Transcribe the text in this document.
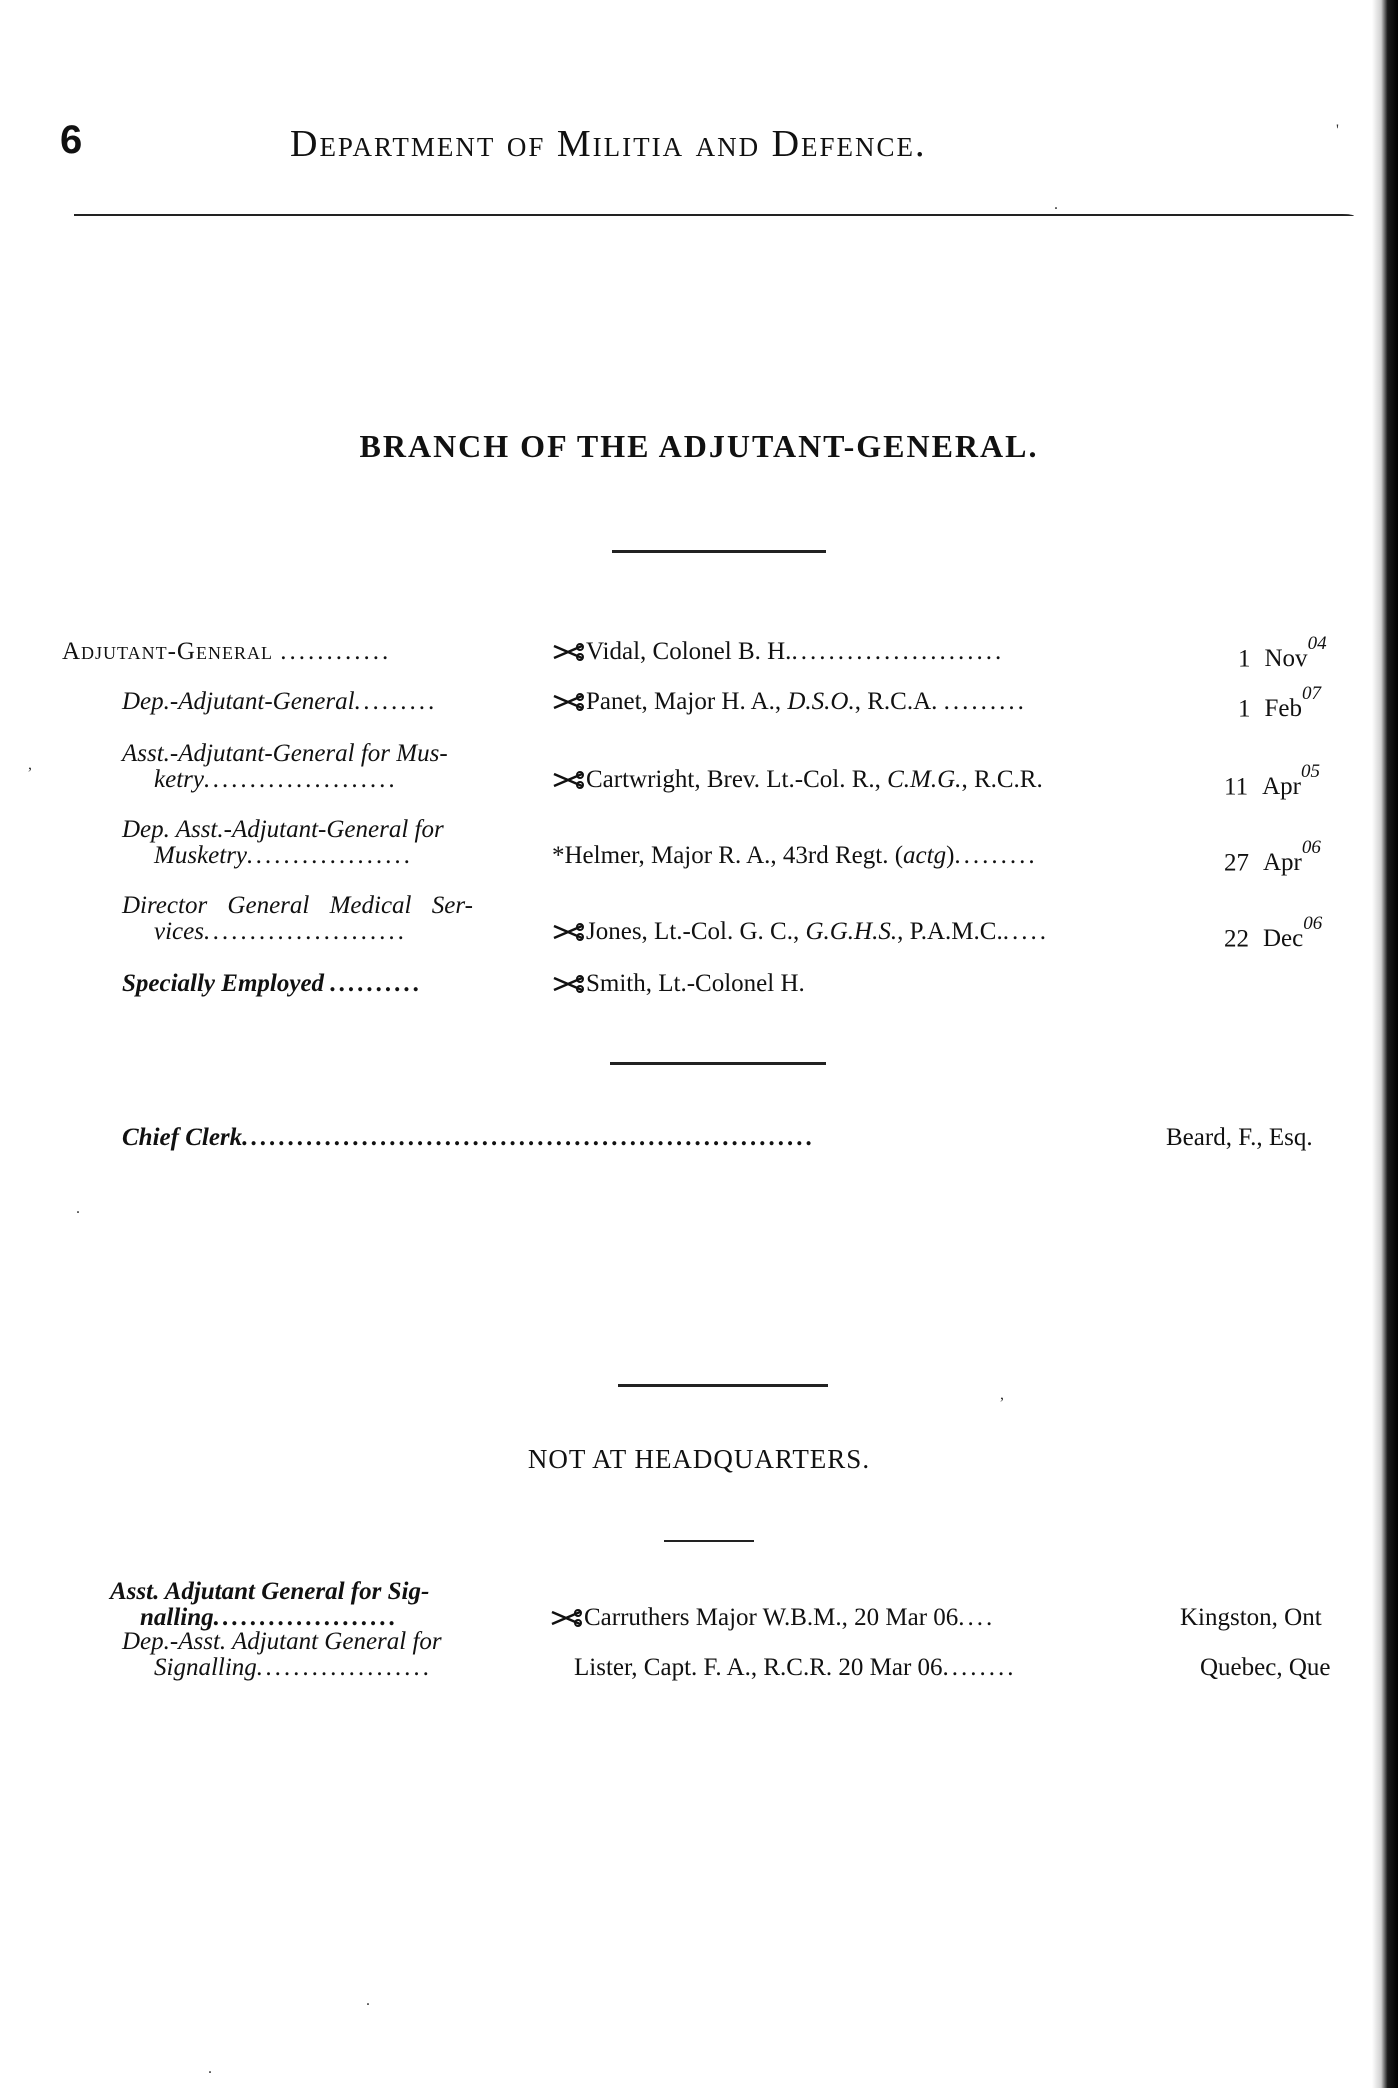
6	Department of Militia and Defence.
BRANCH OF THE ADJUTANT-GENERAL.
Adjutant-General ............	Vidal, Colonel B. H........................	1 Nov$^{04}$
Dep.-Adjutant-General.........	Panet, Major H. A., D.S.O., R.C.A. .........	1 Feb$^{07}$
Asst.-Adjutant-General for Mus-
ketry.....................	Cartwright, Brev. Lt.-Col. R., C.M.G., R.C.R.	11 Apr$^{05}$
Dep. Asst.-Adjutant-General for
Musketry..................	*Helmer, Major R. A., 43rd Regt. (actg).........	27 Apr$^{06}$
Director General Medical Ser-
vices......................	Jones, Lt.-Col. G. C., G.G.H.S., P.A.M.C......	22 Dec$^{06}$
Specially Employed ..........	Smith, Lt.-Colonel H.
Chief Clerk..............................................................	Beard, F., Esq.
NOT AT HEADQUARTERS.
Asst. Adjutant General for Sig-
nalling....................	Carruthers Major W.B.M., 20 Mar 06....	Kingston, Ont
Dep.-Asst. Adjutant General for
Signalling...................	Lister, Capt. F. A., R.C.R. 20 Mar 06........	Quebec, Que
.
'
,
.
,
.
.
